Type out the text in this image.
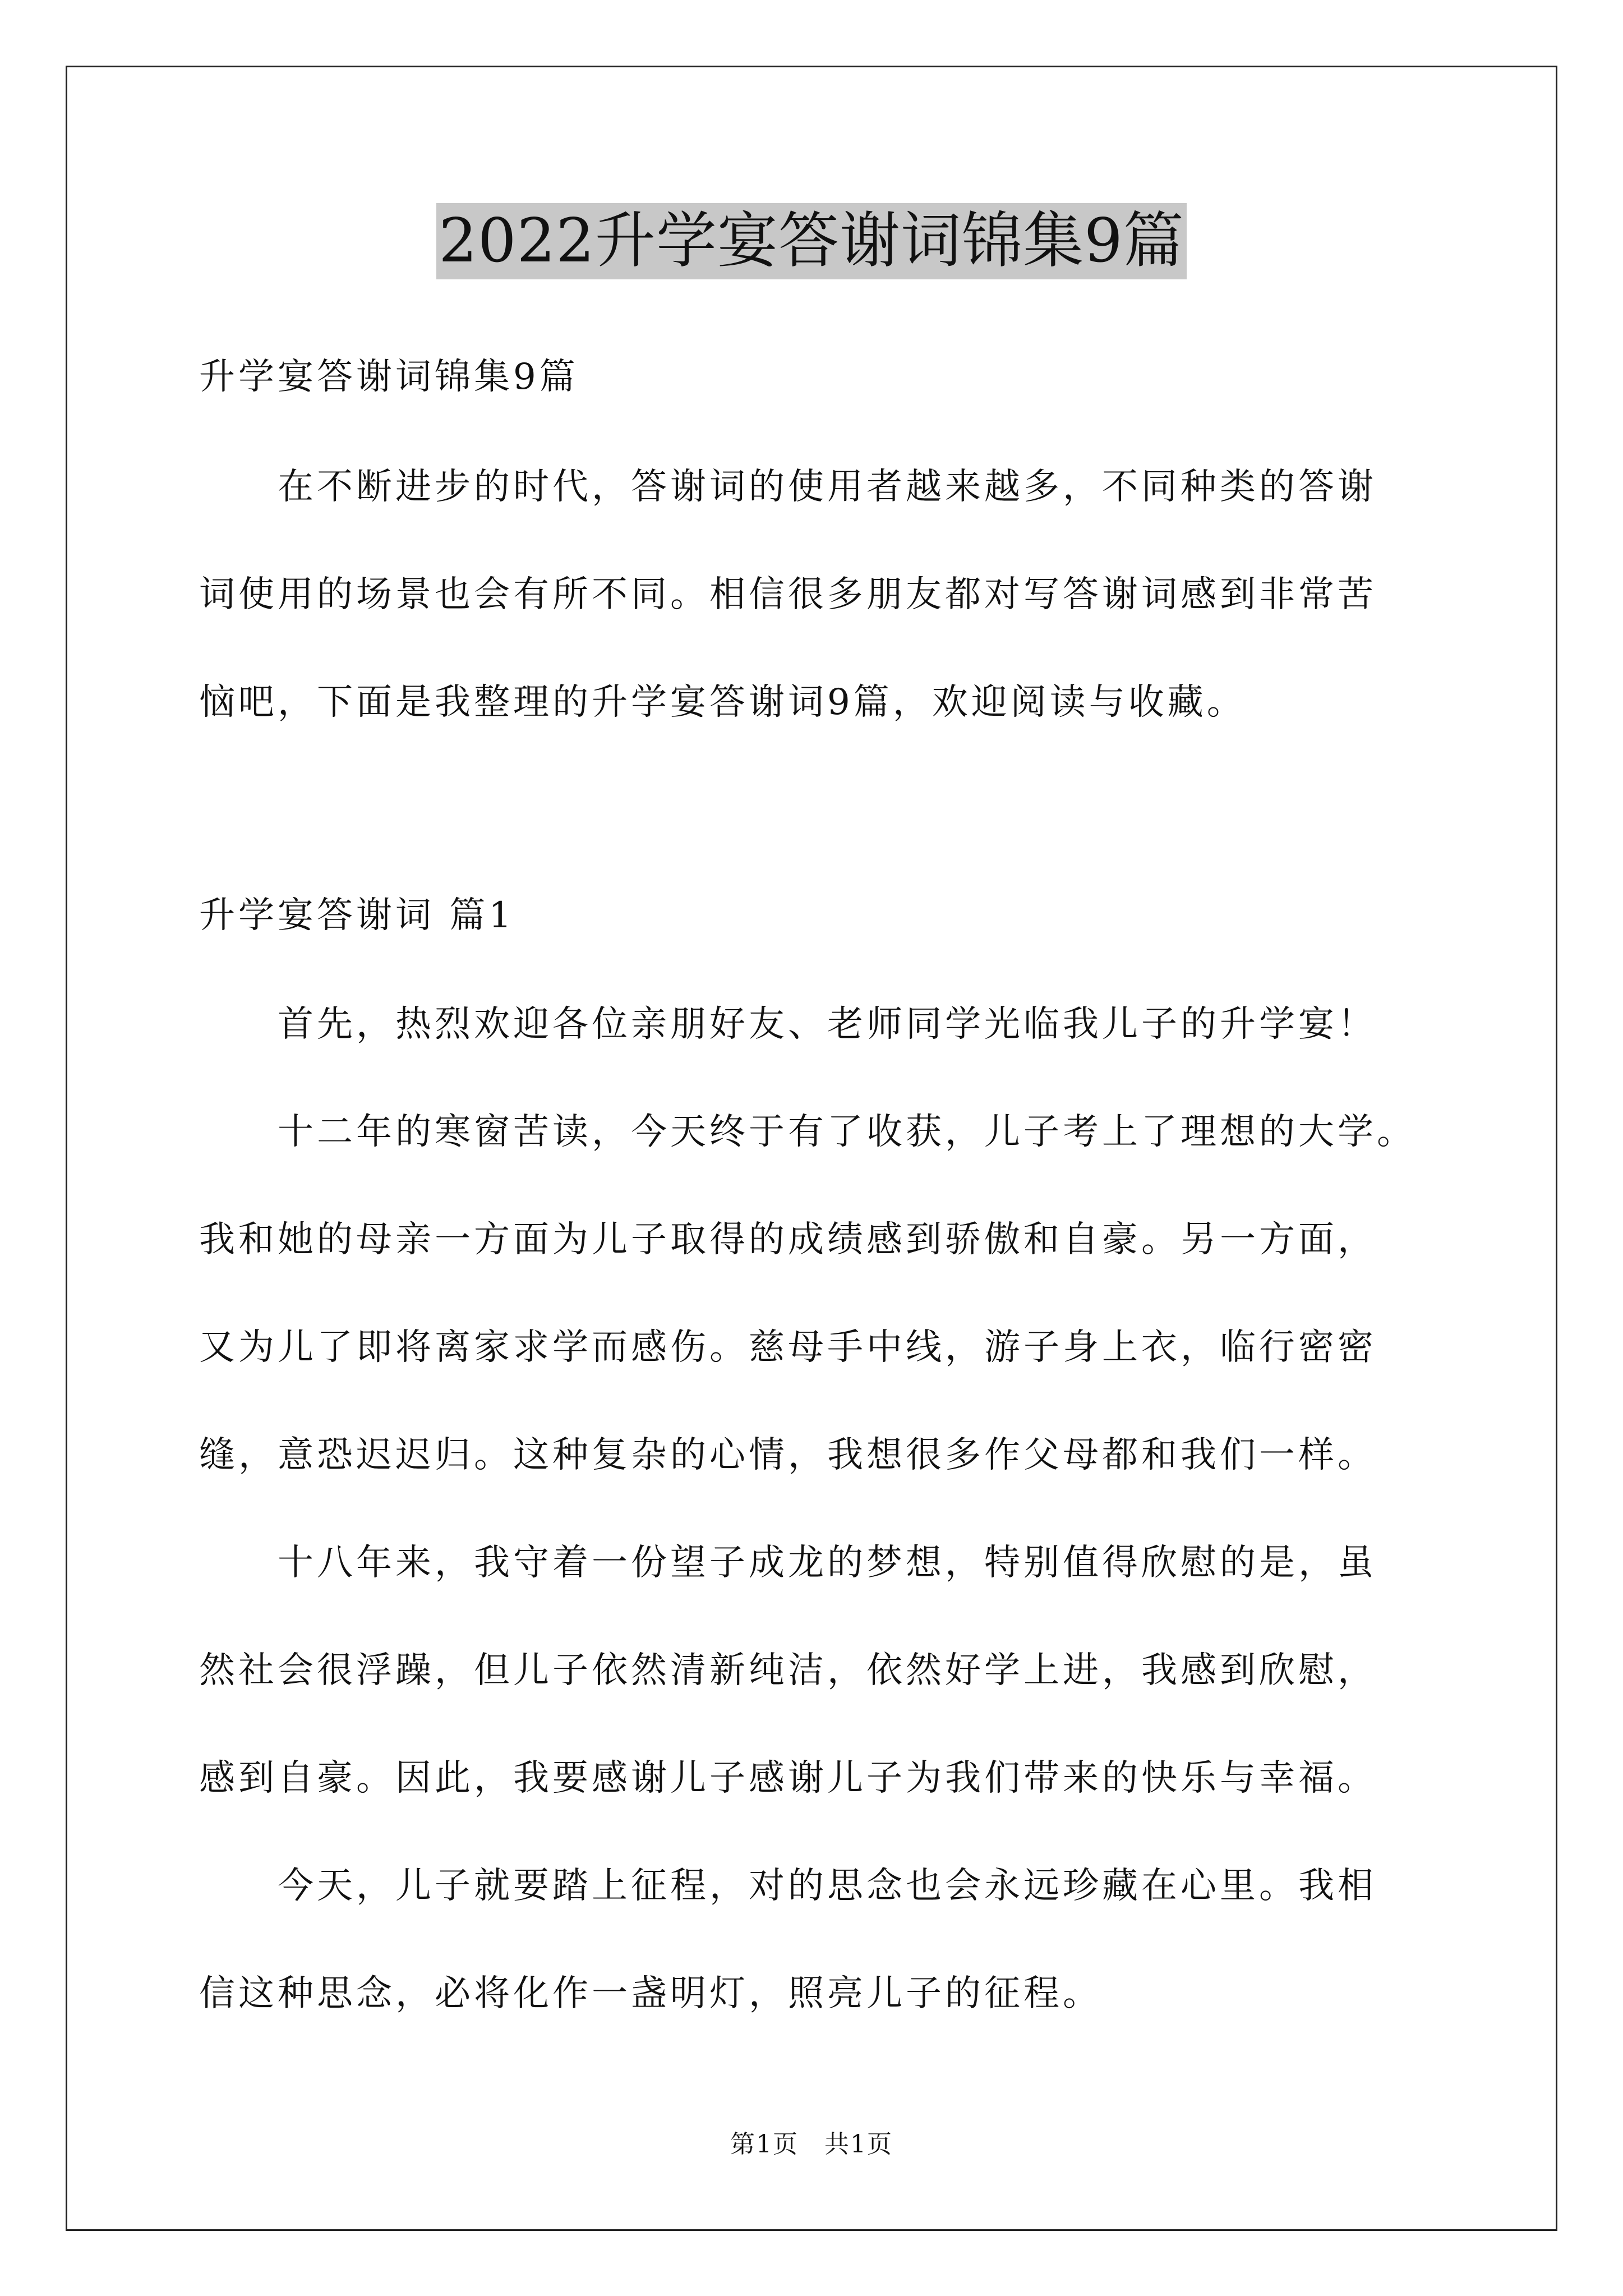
2022升学宴答谢词锦集9篇
升学宴答谢词锦集9篇
在不断进步的时代，答谢词的使用者越来越多，不同种类的答谢
词使用的场景也会有所不同。相信很多朋友都对写答谢词感到非常苦
恼吧，下面是我整理的升学宴答谢词9篇，欢迎阅读与收藏。
升学宴答谢词 篇1
首先，热烈欢迎各位亲朋好友、老师同学光临我儿子的升学宴！
十二年的寒窗苦读，今天终于有了收获，儿子考上了理想的大学。
我和她的母亲一方面为儿子取得的成绩感到骄傲和自豪。另一方面，
又为儿了即将离家求学而感伤。慈母手中线，游子身上衣，临行密密
缝，意恐迟迟归。这种复杂的心情，我想很多作父母都和我们一样。
十八年来，我守着一份望子成龙的梦想，特别值得欣慰的是，虽
然社会很浮躁，但儿子依然清新纯洁，依然好学上进，我感到欣慰，
感到自豪。因此，我要感谢儿子感谢儿子为我们带来的快乐与幸福。
今天，儿子就要踏上征程，对的思念也会永远珍藏在心里。我相
信这种思念，必将化作一盏明灯，照亮儿子的征程。
第1页　共1页
